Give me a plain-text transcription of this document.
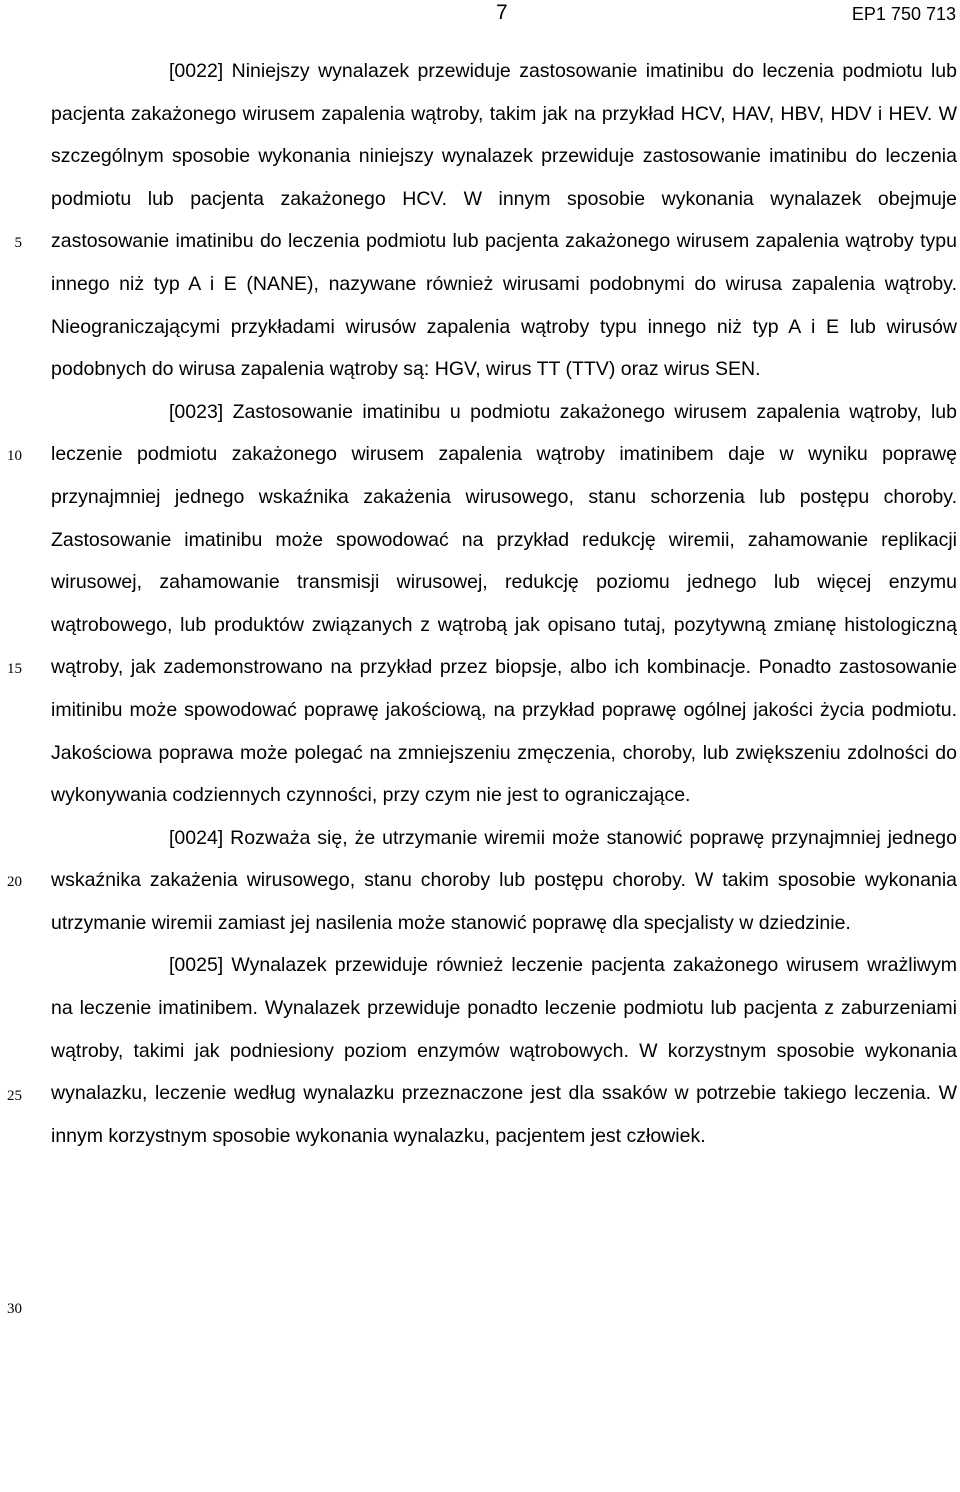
7	EP1 750 713
5
10
15
20
25
30

[0022] Niniejszy wynalazek przewiduje zastosowanie imatinibu do leczenia podmiotu lub pacjenta zakażonego wirusem zapalenia wątroby, takim jak na przykład HCV, HAV, HBV, HDV i HEV. W szczególnym sposobie wykonania niniejszy wynalazek przewiduje zastosowanie imatinibu do leczenia podmiotu lub pacjenta zakażonego HCV. W innym sposobie wykonania wynalazek obejmuje zastosowanie imatinibu do leczenia podmiotu lub pacjenta zakażonego wirusem zapalenia wątroby typu innego niż typ A i E (NANE), nazywane również wirusami podobnymi do wirusa zapalenia wątroby. Nieograniczającymi przykładami wirusów zapalenia wątroby typu innego niż typ A i E lub wirusów podobnych do wirusa zapalenia wątroby są: HGV, wirus TT (TTV) oraz wirus SEN.

[0023] Zastosowanie imatinibu u podmiotu zakażonego wirusem zapalenia wątroby, lub leczenie podmiotu zakażonego wirusem zapalenia wątroby imatinibem daje w wyniku poprawę przynajmniej jednego wskaźnika zakażenia wirusowego, stanu schorzenia lub postępu choroby. Zastosowanie imatinibu może spowodować na przykład redukcję wiremii, zahamowanie replikacji wirusowej, zahamowanie transmisji wirusowej, redukcję poziomu jednego lub więcej enzymu wątrobowego, lub produktów związanych z wątrobą jak opisano tutaj, pozytywną zmianę histologiczną wątroby, jak zademonstrowano na przykład przez biopsje, albo ich kombinacje. Ponadto zastosowanie imitinibu może spowodować poprawę jakościową, na przykład poprawę ogólnej jakości życia podmiotu. Jakościowa poprawa może polegać na zmniejszeniu zmęczenia, choroby, lub zwiększeniu zdolności do wykonywania codziennych czynności, przy czym nie jest to ograniczające.

[0024] Rozważa się, że utrzymanie wiremii może stanowić poprawę przynajmniej jednego wskaźnika zakażenia wirusowego, stanu choroby lub postępu choroby. W takim sposobie wykonania utrzymanie wiremii zamiast jej nasilenia może stanowić poprawę dla specjalisty w dziedzinie.

[0025] Wynalazek przewiduje również leczenie pacjenta zakażonego wirusem wrażliwym na leczenie imatinibem. Wynalazek przewiduje ponadto leczenie podmiotu lub pacjenta z zaburzeniami wątroby, takimi jak podniesiony poziom enzymów wątrobowych. W korzystnym sposobie wykonania wynalazku, leczenie według wynalazku przeznaczone jest dla ssaków w potrzebie takiego leczenia. W innym korzystnym sposobie wykonania wynalazku, pacjentem jest człowiek.
